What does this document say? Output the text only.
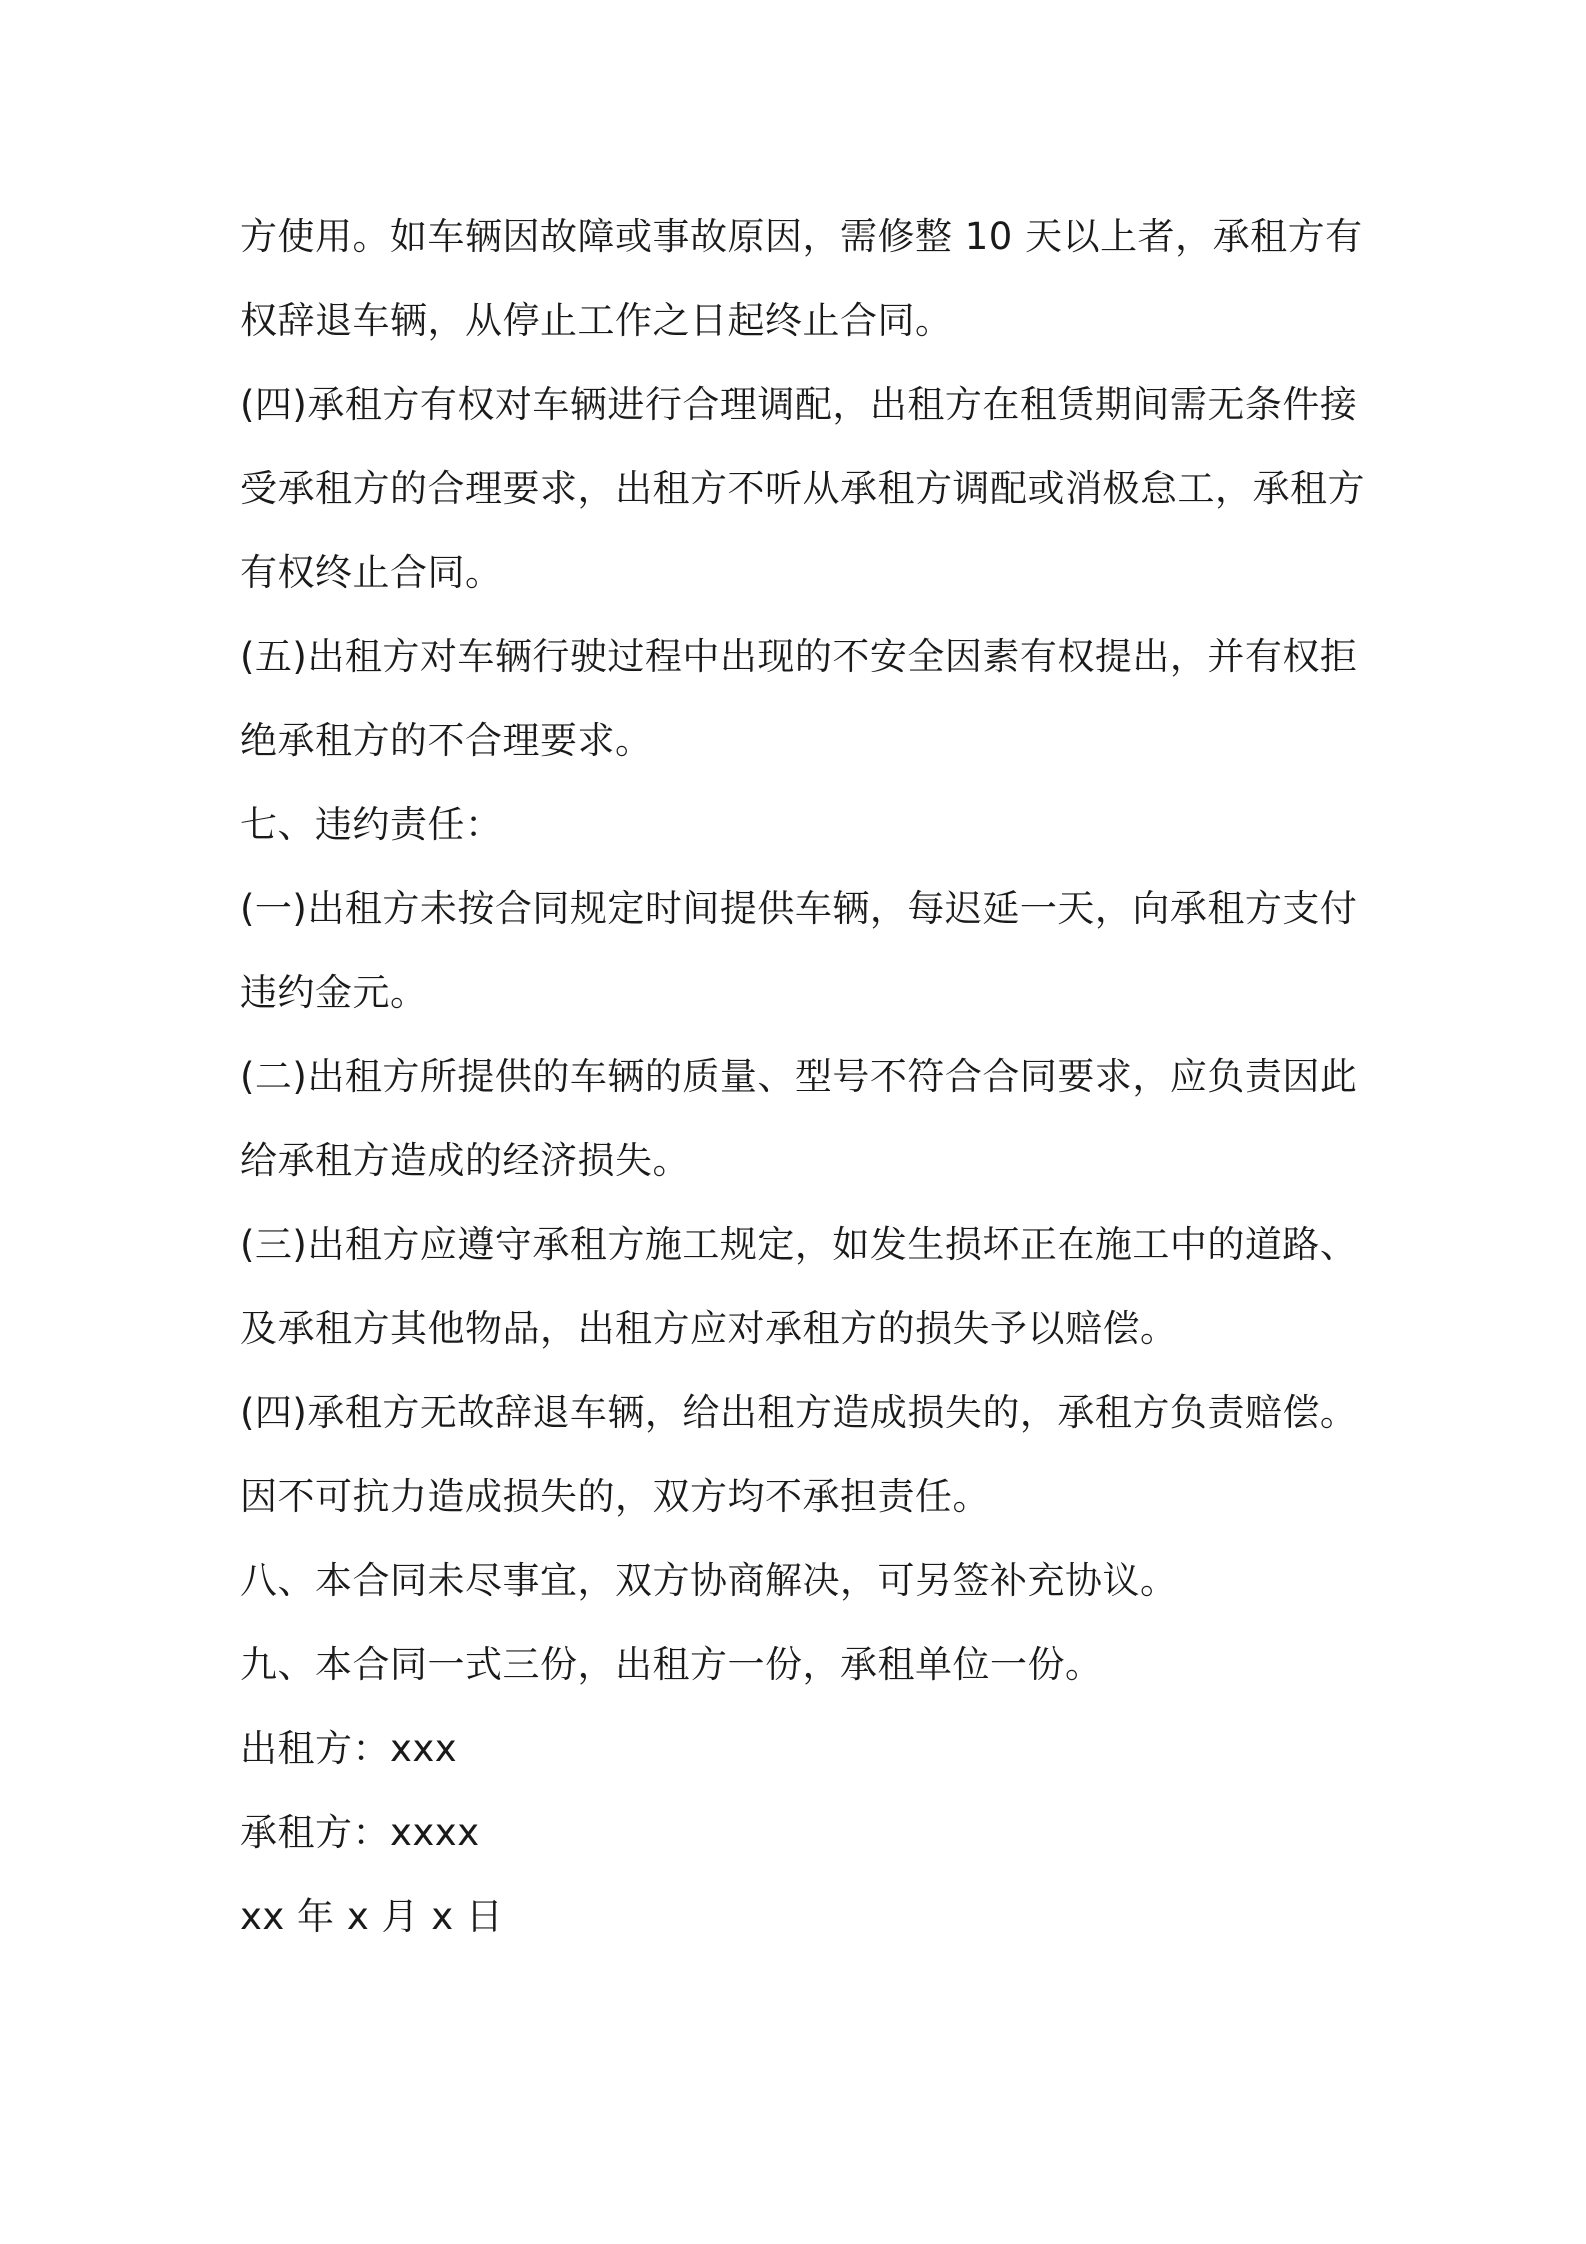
方使用。如车辆因故障或事故原因，需修整 10 天以上者，承租方有
权辞退车辆，从停止工作之日起终止合同。
(四)承租方有权对车辆进行合理调配，出租方在租赁期间需无条件接
受承租方的合理要求，出租方不听从承租方调配或消极怠工，承租方
有权终止合同。
(五)出租方对车辆行驶过程中出现的不安全因素有权提出，并有权拒
绝承租方的不合理要求。
七、违约责任：
(一)出租方未按合同规定时间提供车辆，每迟延一天，向承租方支付
违约金元。
(二)出租方所提供的车辆的质量、型号不符合合同要求，应负责因此
给承租方造成的经济损失。
(三)出租方应遵守承租方施工规定，如发生损坏正在施工中的道路、
及承租方其他物品，出租方应对承租方的损失予以赔偿。
(四)承租方无故辞退车辆，给出租方造成损失的，承租方负责赔偿。
因不可抗力造成损失的，双方均不承担责任。
八、本合同未尽事宜，双方协商解决，可另签补充协议。
九、本合同一式三份，出租方一份，承租单位一份。
出租方：xxx
承租方：xxxx
xx 年 x 月 x 日
